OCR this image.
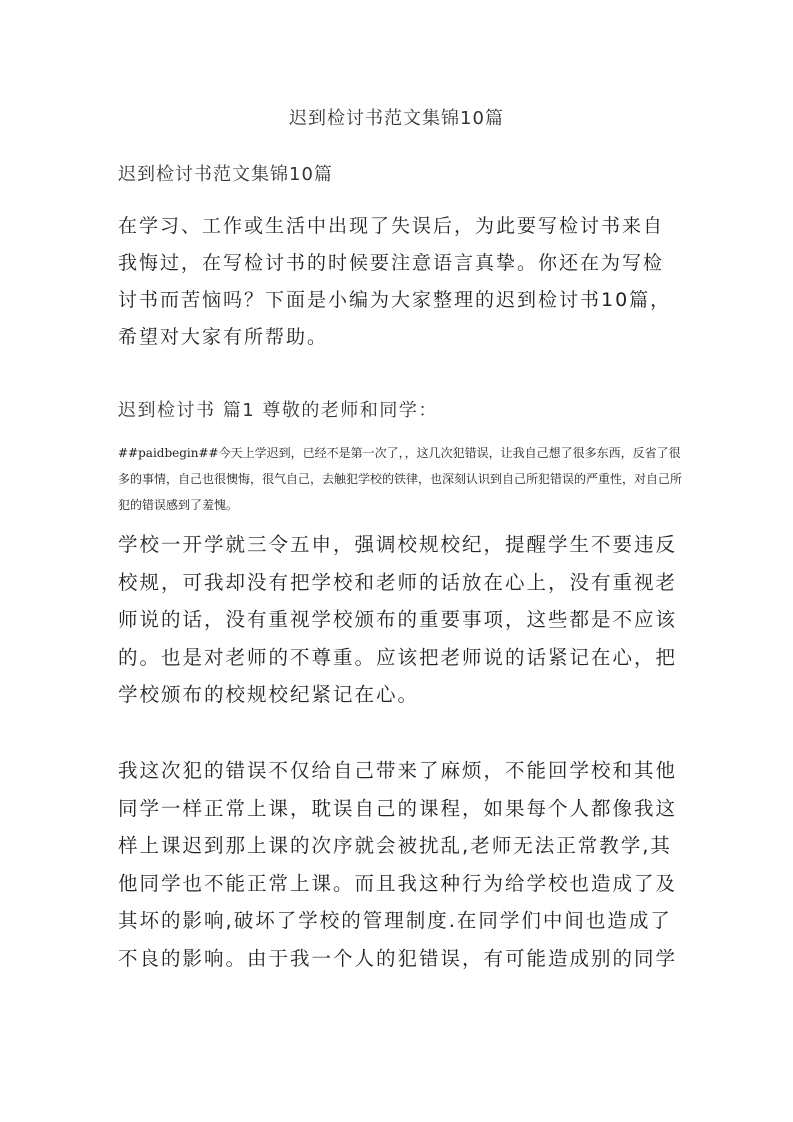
迟到检讨书范文集锦10篇
迟到检讨书范文集锦10篇
在学习、工作或生活中出现了失误后，为此要写检讨书来自我悔过，在写检讨书的时候要注意语言真挚。你还在为写检讨书而苦恼吗？下面是小编为大家整理的迟到检讨书10篇，希望对大家有所帮助。
迟到检讨书 篇1 尊敬的老师和同学：
##paidbegin##今天上学迟到，已经不是第一次了，，这几次犯错误，让我自己想了很多东西，反省了很多的事情，自己也很懊悔，很气自己，去触犯学校的铁律，也深刻认识到自己所犯错误的严重性，对自己所犯的错误感到了羞愧。
学校一开学就三令五申，强调校规校纪，提醒学生不要违反校规，可我却没有把学校和老师的话放在心上，没有重视老师说的话，没有重视学校颁布的重要事项，这些都是不应该的。也是对老师的不尊重。应该把老师说的话紧记在心，把学校颁布的校规校纪紧记在心。
我这次犯的错误不仅给自己带来了麻烦，不能回学校和其他同学一样正常上课，耽误自己的课程，如果每个人都像我这样上课迟到那上课的次序就会被扰乱,老师无法正常教学,其他同学也不能正常上课。而且我这种行为给学校也造成了及其坏的影响,破坏了学校的管理制度.在同学们中间也造成了不良的影响。由于我一个人的犯错误，有可能造成别的同学
